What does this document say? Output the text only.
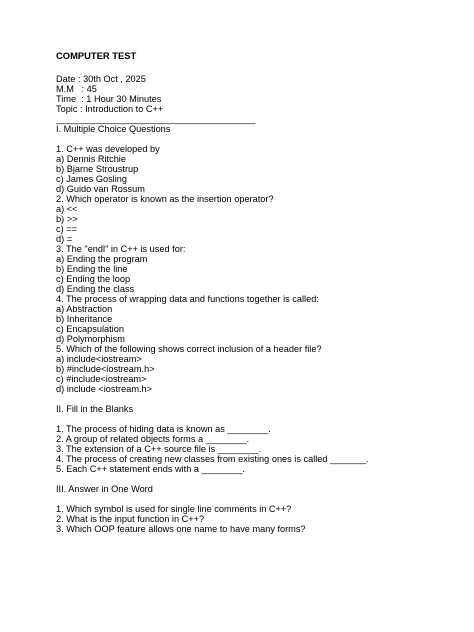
COMPUTER TEST
Date : 30th Oct , 2025
M.M   : 45
Time  : 1 Hour 30 Minutes
Topic : Introduction to C++
_______________________________________
I. Multiple Choice Questions
1. C++ was developed by
a) Dennis Ritchie
b) Bjarne Stroustrup
c) James Gosling
d) Guido van Rossum
2. Which operator is known as the insertion operator?
a) <<
b) >>
c) ==
d) =
3. The "endl" in C++ is used for:
a) Ending the program
b) Ending the line
c) Ending the loop
d) Ending the class
4. The process of wrapping data and functions together is called:
a) Abstraction
b) Inheritance
c) Encapsulation
d) Polymorphism
5. Which of the following shows correct inclusion of a header file?
a) include<iostream>
b) #include<iostream.h>
c) #include<iostream>
d) include <iostream.h>
II. Fill in the Blanks
1. The process of hiding data is known as ________.
2. A group of related objects forms a ________.
3. The extension of a C++ source file is ________.
4. The process of creating new classes from existing ones is called _______.
5. Each C++ statement ends with a ________.
III. Answer in One Word
1. Which symbol is used for single line comments in C++?
2. What is the input function in C++?
3. Which OOP feature allows one name to have many forms?
